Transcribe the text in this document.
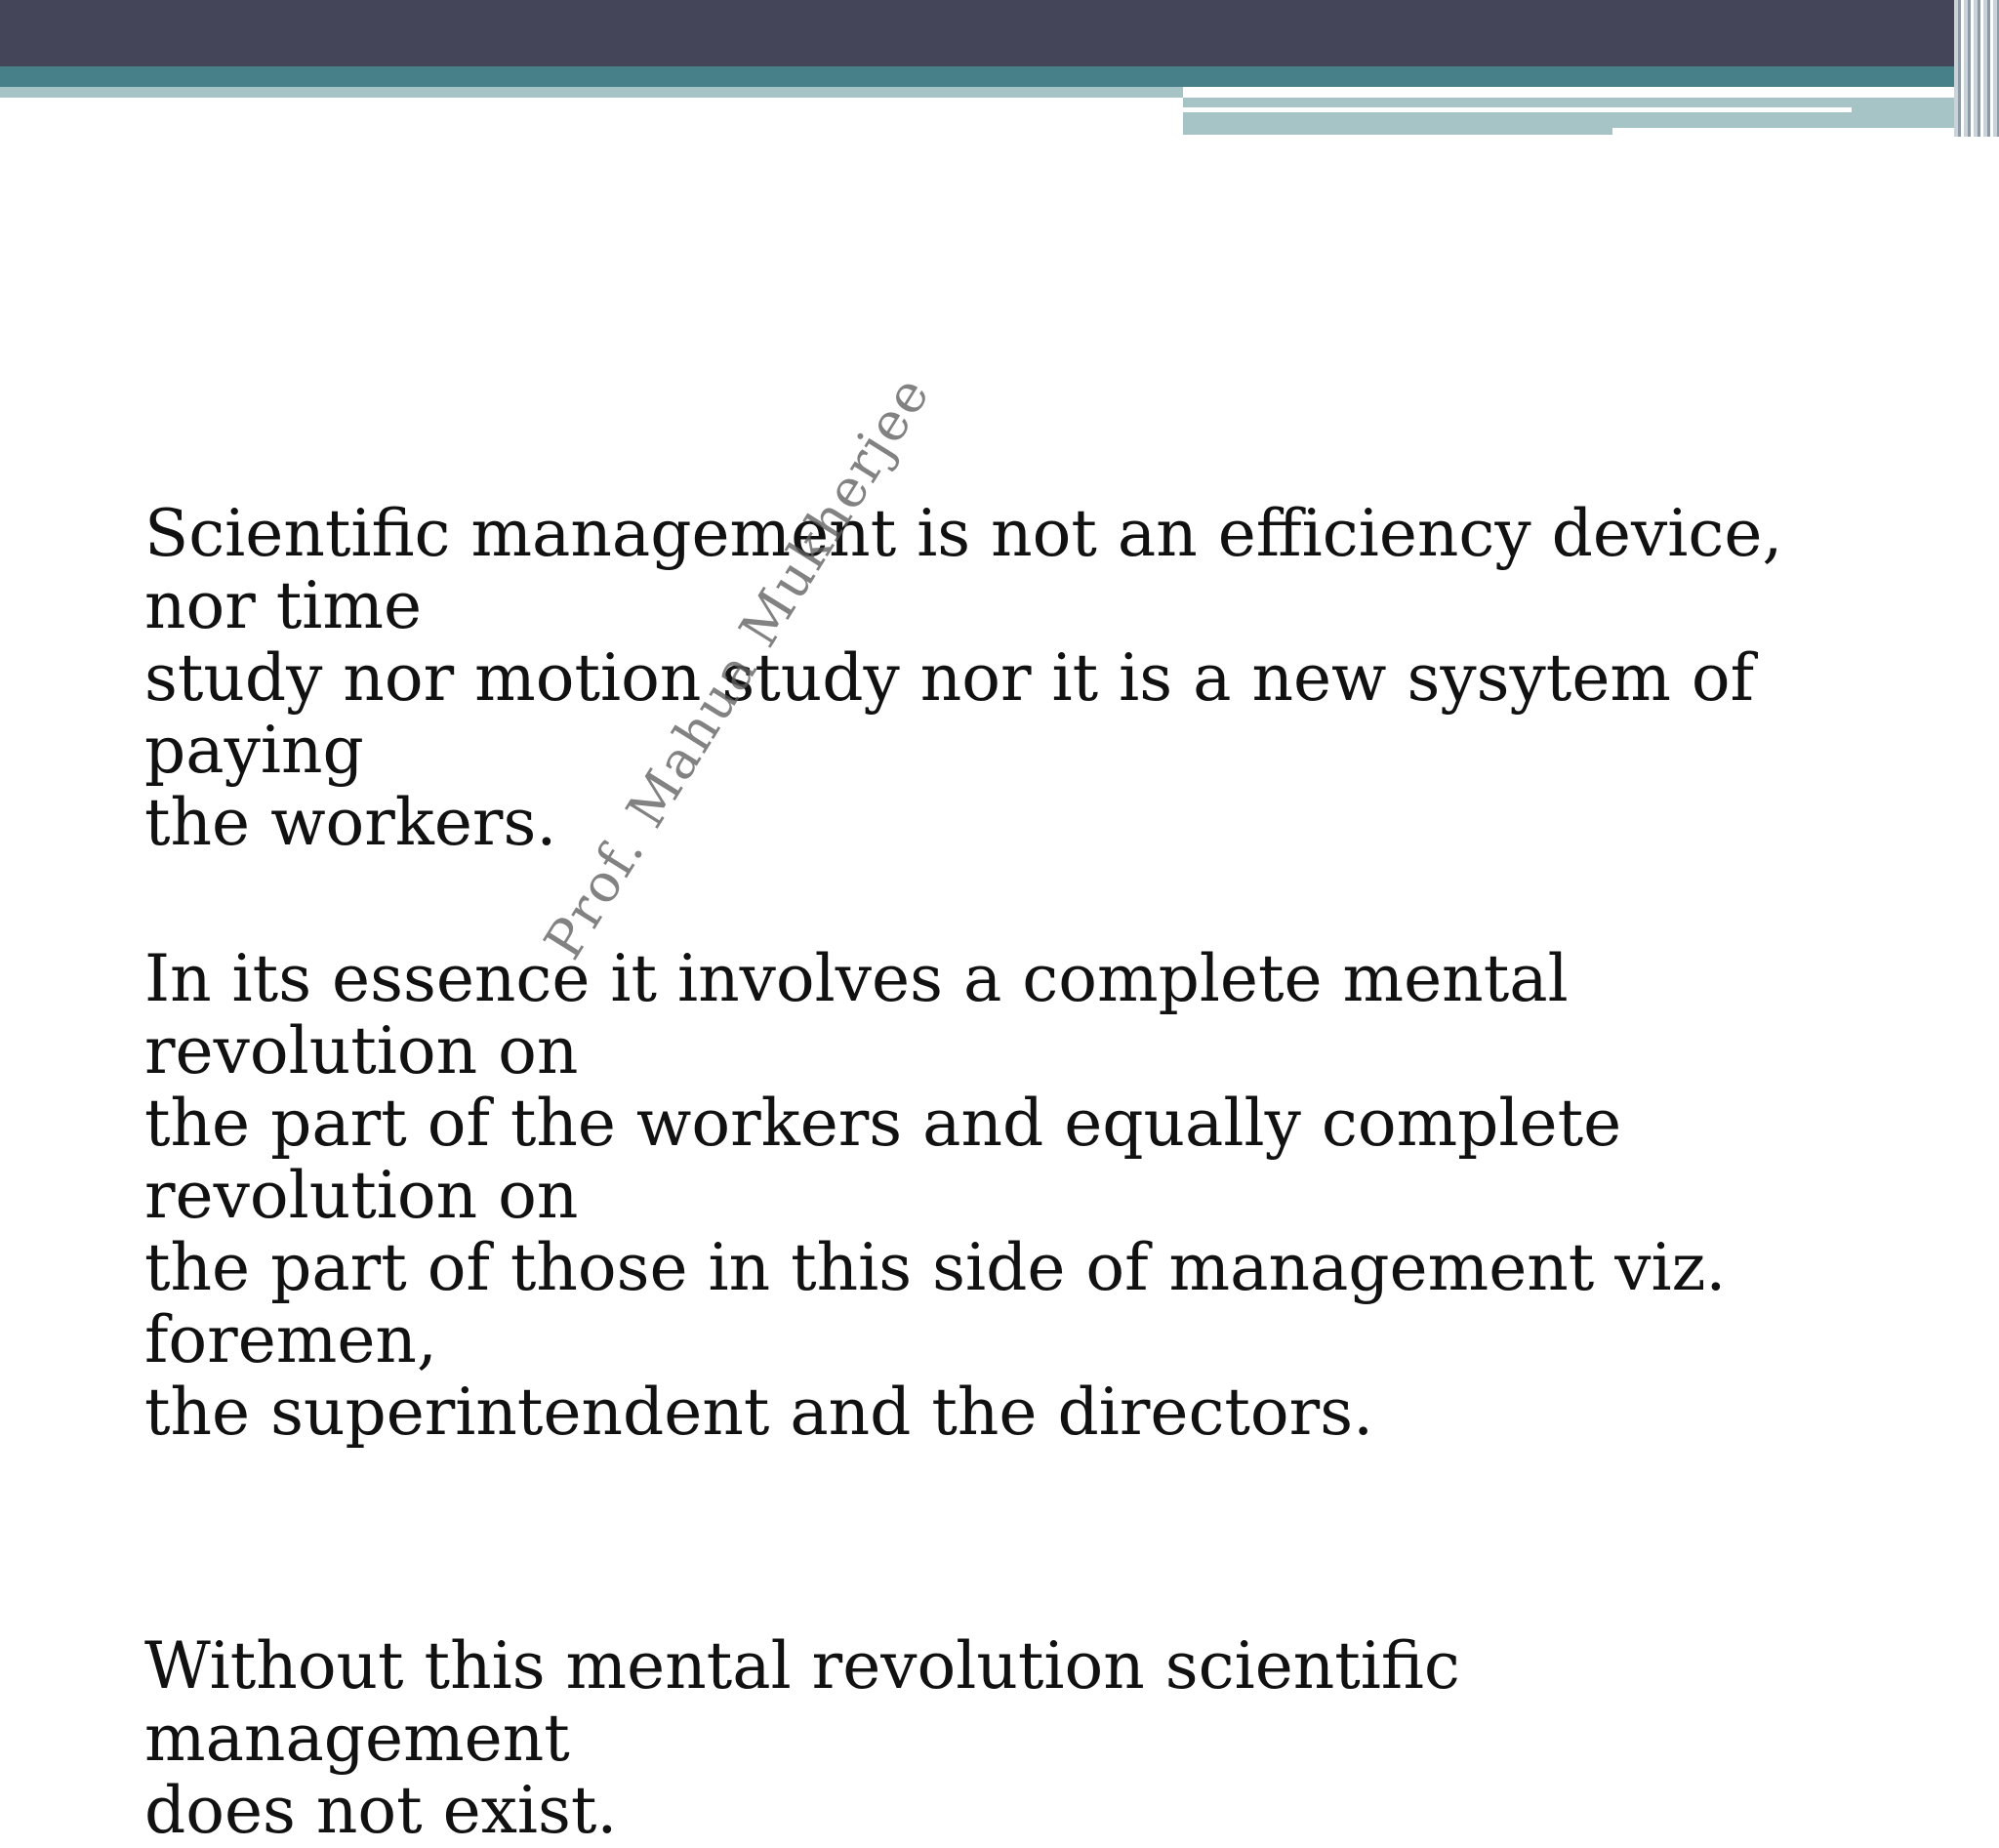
Scientific management is not an efficiency device, nor time
study nor motion study nor it is a new sysytem of paying
the workers.

In its essence it involves a complete mental revolution on
the part of the workers and equally complete revolution on
the part of those in this side of management viz. foremen,
the superintendent and the directors.

Without this mental revolution scientific management
does not exist.

Prof. Mahua Mukherjee
